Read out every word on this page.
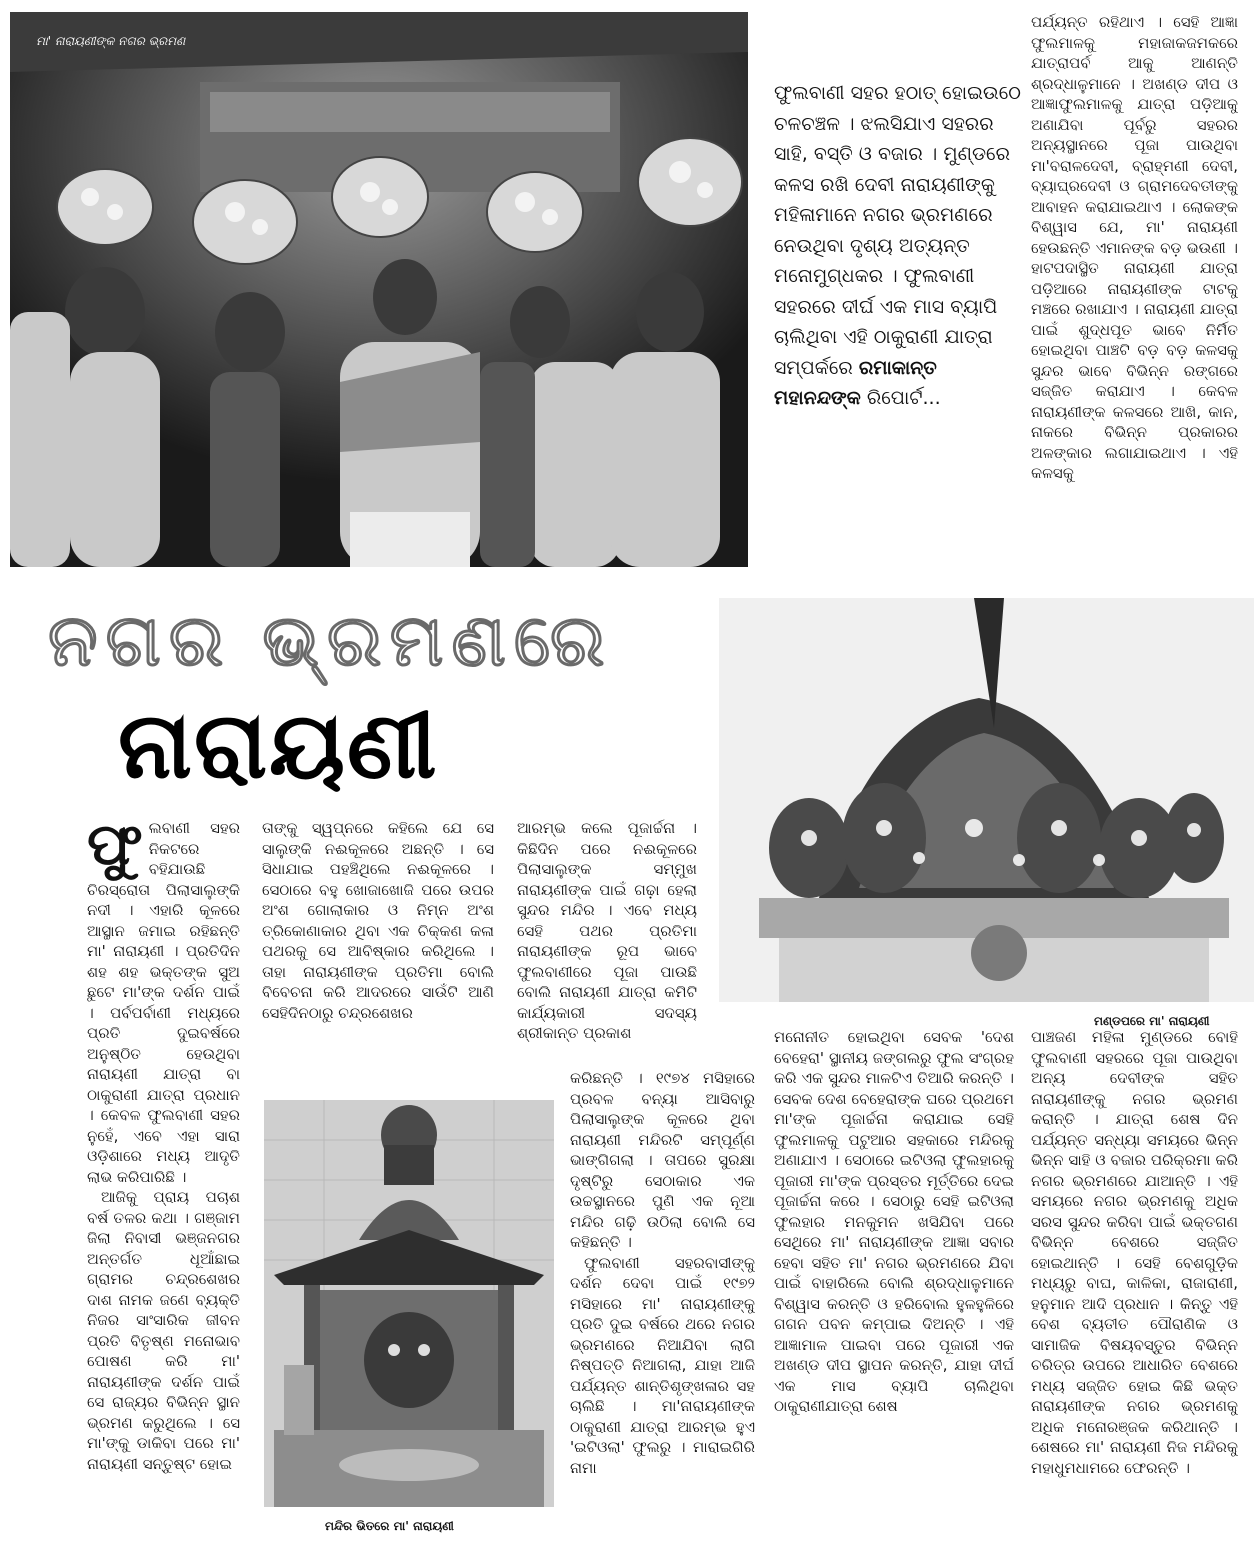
ମା' ନାରାୟଣୀଙ୍କ ନଗର ଭ୍ରମଣ
ଫୁଲବାଣୀ ସହର ହଠାତ୍ ହୋଇଉଠେ ଚଳଚଞ୍ଚଳ । ଝଲସିଯାଏ ସହରର ସାହି, ବସ୍ତି ଓ ବଜାର । ମୁଣ୍ଡରେ କଳସ ରଖି ଦେବୀ ନାରାୟଣୀଙ୍କୁ ମହିଳାମାନେ ନଗର ଭ୍ରମଣରେ ନେଉଥିବା ଦୃଶ୍ୟ ଅତ୍ୟନ୍ତ ମନୋମୁଗ୍ଧକର । ଫୁଲବାଣୀ ସହରରେ ଦୀର୍ଘ ଏକ ମାସ ବ୍ୟାପି ଚାଲିଥିବା ଏହି ଠାକୁରାଣୀ ଯାତ୍ରା ସମ୍ପର୍କରେ ରମାକାନ୍ତ ମହାନନ୍ଦଙ୍କ ରିପୋର୍ଟ...

ପର୍ଯ୍ୟନ୍ତ ରହିଥାଏ । ସେହି ଆଜ୍ଞା ଫୁଲମାଳକୁ ମହାଜାକଜମକରେ ଯାତ୍ରାପର୍ବ ଆକୁ ଆଣନ୍ତି ଶ୍ରଦ୍ଧାଳୁମାନେ । ଅଖଣ୍ଡ ଦୀପ ଓ ଆଜ୍ଞାଫୁଲମାଳକୁ ଯାତ୍ରା ପଡ଼ିଆକୁ ଅଣାଯିବା ପୂର୍ବରୁ ସହରର ଅନ୍ୟସ୍ଥାନରେ ପୂଜା ପାଉଥିବା ମା'ବରାଳଦେବୀ, ବ୍ରାହ୍ମଣୀ ଦେବୀ, ବ୍ୟାଘ୍ରଦେବୀ ଓ ଗ୍ରାମଦେବତୀଙ୍କୁ ଆବାହନ କରାଯାଇଥାଏ । ଲୋକଙ୍କ ବିଶ୍ୱାସ ଯେ, ମା' ନାରାୟଣୀ ହେଉଛନ୍ତି ଏମାନଙ୍କ ବଡ଼ ଭଉଣୀ । ହାଟପଦାସ୍ଥିତ ନାରାୟଣୀ ଯାତ୍ରା ପଡ଼ିଆରେ ନାରାୟଣୀଙ୍କ ଟାଟକୁ ମଞ୍ଚରେ ରଖାଯାଏ । ନାରାୟଣୀ ଯାତ୍ରା ପାଇଁ ଶୁଦ୍ଧପୂତ ଭାବେ ନିର୍ମିତ ହୋଇଥିବା ପାଞ୍ଚଟି ବଡ଼ ବଡ଼ କଳସକୁ ସୁନ୍ଦର ଭାବେ ବିଭିନ୍ନ ରଙ୍ଗରେ ସଜ୍ଜିତ କରାଯାଏ । କେବଳ ନାରାୟଣୀଙ୍କ କଳସରେ ଆଖି, କାନ, ନାକରେ ବିଭିନ୍ନ ପ୍ରକାରର ଅଳଙ୍କାର ଲଗାଯାଇଥାଏ । ଏହି କଳସକୁ

ନଗର ଭ୍ରମଣରେ
ନାରାୟଣୀ
ମଣ୍ଡପରେ ମା' ନାରାୟଣୀ

ଫୁଲବାଣୀ ସହର ନିକଟରେ ବହିଯାଉଛି ଚିରସ୍ରୋତା ପିଲାସାଲୁଙ୍କି ନଦୀ । ଏହାରି କୂଳରେ ଆସ୍ଥାନ ଜମାଇ ରହିଛନ୍ତି ମା' ନାରାୟଣୀ । ପ୍ରତିଦିନ ଶହ ଶହ ଭକ୍ତଙ୍କ ସୁଅ ଛୁଟେ ମା'ଙ୍କ ଦର୍ଶନ ପାଇଁ । ପର୍ବପର୍ବାଣୀ ମଧ୍ୟରେ ପ୍ରତି ଦୁଇବର୍ଷରେ ଅନୁଷ୍ଠିତ ହେଉଥିବା ନାରାୟଣୀ ଯାତ୍ରା ବା ଠାକୁରାଣୀ ଯାତ୍ରା ପ୍ରଧାନ । କେବଳ ଫୁଲବାଣୀ ସହର ନୁହେଁ, ଏବେ ଏହା ସାରା ଓଡ଼ିଶାରେ ମଧ୍ୟ ଆଦୃତି ଲାଭ କରିପାରିଛି ।

ଆଜିକୁ ପ୍ରାୟ ପଚାଶ ବର୍ଷ ତଳର କଥା । ଗଞ୍ଜାମ ଜିଲା ନିବାସୀ ଭଞ୍ଜନଗର ଅନ୍ତର୍ଗତ ଧୂଆଁଛାଇ ଗ୍ରାମର ଚନ୍ଦ୍ରଶେଖର ଦାଶ ନାମକ ଜଣେ ବ୍ୟକ୍ତି ନିଜର ସାଂସାରିକ ଜୀବନ ପ୍ରତି ବିତୃଷ୍ଣ ମନୋଭାବ ପୋଷଣ କରି ମା' ନାରାୟଣୀଙ୍କ ଦର୍ଶନ ପାଇଁ ସେ ରାଜ୍ୟର ବିଭିନ୍ନ ସ୍ଥାନ ଭ୍ରମଣ କରୁଥିଲେ । ସେ ମା'ଙ୍କୁ ଡାକିବା ପରେ ମା' ନାରାୟଣୀ ସନ୍ତୁଷ୍ଟ ହୋଇ

ତାଙ୍କୁ ସ୍ୱପ୍ନରେ କହିଲେ ଯେ ସେ ସାଲୁଙ୍କି ନଈକୂଳରେ ଅଛନ୍ତି । ସେ ସିଧାଯାଇ ପହଞ୍ଚିଥିଲେ ନଈକୂଳରେ । ସେଠାରେ ବହୁ ଖୋଜାଖୋଜି ପରେ ଉପର ଅଂଶ ଗୋଲାକାର ଓ ନିମ୍ନ ଅଂଶ ତ୍ରିକୋଣାକାର ଥିବା ଏକ ଚିକ୍କଣ କଳା ପଥରକୁ ସେ ଆବିଷ୍କାର କରିଥିଲେ । ତାହା ନାରାୟଣୀଙ୍କ ପ୍ରତିମା ବୋଲି ବିବେଚନା କରି ଆଦରରେ ସାଉଁଟି ଆଣି ସେହିଦିନଠାରୁ ଚନ୍ଦ୍ରଶେଖର

ଆରମ୍ଭ କଲେ ପୂଜାର୍ଚ୍ଚନା । କିଛିଦିନ ପରେ ନଈକୂଳରେ ପିଲାସାଲୁଙ୍କ ସମ୍ମୁଖ ନାରାୟଣୀଙ୍କ ପାଇଁ ଗଢ଼ା ହେଲା ସୁନ୍ଦର ମନ୍ଦିର । ଏବେ ମଧ୍ୟ ସେହି ପଥର ପ୍ରତିମା ନାରାୟଣୀଙ୍କ ରୂପ ଭାବେ ଫୁଲବାଣୀରେ ପୂଜା ପାଉଛି ବୋଲି ନାରାୟଣୀ ଯାତ୍ରା କମିଟି କାର୍ଯ୍ୟକାରୀ ସଦସ୍ୟ ଶ୍ରୀକାନ୍ତ ପ୍ରକାଶ

ମନ୍ଦିର ଭିତରେ ମା' ନାରାୟଣୀ

କରିଛନ୍ତି । ୧୯୭୪ ମସିହାରେ ପ୍ରବଳ ବନ୍ୟା ଆସିବାରୁ ପିଲାସାଲୁଙ୍କ କୂଳରେ ଥିବା ନାରାୟଣୀ ମନ୍ଦିରଟି ସମ୍ପୂର୍ଣ୍ଣ ଭାଙ୍ଗିଗଲା । ତାପରେ ସୁରକ୍ଷା ଦୃଷ୍ଟିରୁ ସେଠାକାର ଏକ ଉଚ୍ଚସ୍ଥାନରେ ପୁଣି ଏକ ନୂଆ ମନ୍ଦିର ଗଢ଼ି ଉଠିଲା ବୋଲି ସେ କହିଛନ୍ତି ।

ଫୁଲବାଣୀ ସହରବାସୀଙ୍କୁ ଦର୍ଶନ ଦେବା ପାଇଁ ୧୯୭୨ ମସିହାରେ ମା' ନାରାୟଣୀଙ୍କୁ ପ୍ରତି ଦୁଇ ବର୍ଷରେ ଥରେ ନଗର ଭ୍ରମଣରେ ନିଆଯିବା ଲାଗି ନିଷ୍ପତ୍ତି ନିଆଗଲା, ଯାହା ଆଜି ପର୍ଯ୍ୟନ୍ତ ଶାନ୍ତିଶୃଙ୍ଖଳାର ସହ ଚାଲିଛି । ମା'ନାରାୟଣୀଙ୍କ ଠାକୁରାଣୀ ଯାତ୍ରା ଆରମ୍ଭ ହୁଏ 'ଇଟିଓଲା' ଫୁଲରୁ । ମାରାଇଗିରି ନାମା

ମନୋନୀତ ହୋଇଥିବା ସେବକ 'ଦେଶ ବେହେରା' ସ୍ଥାନୀୟ ଜଙ୍ଗଲରୁ ଫୁଲ ସଂଗ୍ରହ କରି ଏକ ସୁନ୍ଦର ମାଳଟିଏ ତିଆରି କରନ୍ତି । ସେବକ ଦେଶ ବେହେରାଙ୍କ ଘରେ ପ୍ରଥମେ ମା'ଙ୍କ ପୂଜାର୍ଚ୍ଚନା କରାଯାଇ ସେହି ଫୁଲମାଳକୁ ପଟୁଆର ସହକାରେ ମନ୍ଦିରକୁ ଅଣାଯାଏ । ସେଠାରେ ଇଟିଓଲା ଫୁଲହାରକୁ ପୂଜାରୀ ମା'ଙ୍କ ପ୍ରସ୍ତର ମୂର୍ତ୍ତିରେ ଦେଇ ପୂଜାର୍ଚ୍ଚନା କରେ । ସେଠାରୁ ସେହି ଇଟିଓଲା ଫୁଲହାର ମନକୁମନ ଖସିଯିବା ପରେ ସେଥିରେ ମା' ନାରାୟଣୀଙ୍କ ଆଜ୍ଞା ସବାର ହେବା ସହିତ ମା' ନଗର ଭ୍ରମଣରେ ଯିବା ପାଇଁ ବାହାରିଲେ ବୋଲି ଶ୍ରଦ୍ଧାଳୁମାନେ ବିଶ୍ୱାସ କରନ୍ତି ଓ ହରିବୋଲ ହୁଳହୁଳିରେ ଗଗନ ପବନ କମ୍ପାଇ ଦିଅନ୍ତି । ଏହି ଆଜ୍ଞାମାଳ ପାଇବା ପରେ ପୂଜାରୀ ଏକ ଅଖଣ୍ଡ ଦୀପ ସ୍ଥାପନ କରନ୍ତି, ଯାହା ଦୀର୍ଘ ଏକ ମାସ ବ୍ୟାପି ଚାଲିଥିବା ଠାକୁରାଣୀଯାତ୍ରା ଶେଷ

ପାଞ୍ଚଜଣ ମହିଳା ମୁଣ୍ଡରେ ବୋହି ଫୁଲବାଣୀ ସହରରେ ପୂଜା ପାଉଥିବା ଅନ୍ୟ ଦେବୀଙ୍କ ସହିତ ନାରାୟଣୀଙ୍କୁ ନଗର ଭ୍ରମଣ କରାନ୍ତି । ଯାତ୍ରା ଶେଷ ଦିନ ପର୍ଯ୍ୟନ୍ତ ସନ୍ଧ୍ୟା ସମୟରେ ଭିନ୍ନ ଭିନ୍ନ ସାହି ଓ ବଜାର ପରିକ୍ରମା କରି ନଗର ଭ୍ରମଣରେ ଯାଆନ୍ତି । ଏହି ସମୟରେ ନଗର ଭ୍ରମଣକୁ ଅଧିକ ସରସ ସୁନ୍ଦର କରିବା ପାଇଁ ଭକ୍ତଗଣ ବିଭିନ୍ନ ବେଶରେ ସଜ୍ଜିତ ହୋଇଥାନ୍ତି । ସେହି ବେଶଗୁଡ଼ିକ ମଧ୍ୟରୁ ବାଘ, କାଳିକା, ରାଜାରାଣୀ, ହନୁମାନ ଆଦି ପ୍ରଧାନ । କିନ୍ତୁ ଏହି ବେଶ ବ୍ୟତୀତ ପୌରାଣିକ ଓ ସାମାଜିକ ବିଷୟବସ୍ତୁର ବିଭିନ୍ନ ଚରିତ୍ର ଉପରେ ଆଧାରିତ ବେଶରେ ମଧ୍ୟ ସଜ୍ଜିତ ହୋଇ କିଛି ଭକ୍ତ ନାରାୟଣୀଙ୍କ ନଗର ଭ୍ରମଣକୁ ଅଧିକ ମନୋରଞ୍ଜକ କରିଥାନ୍ତି । ଶେଷରେ ମା' ନାରାୟଣୀ ନିଜ ମନ୍ଦିରକୁ ମହାଧୁମଧାମରେ ଫେରନ୍ତି ।
